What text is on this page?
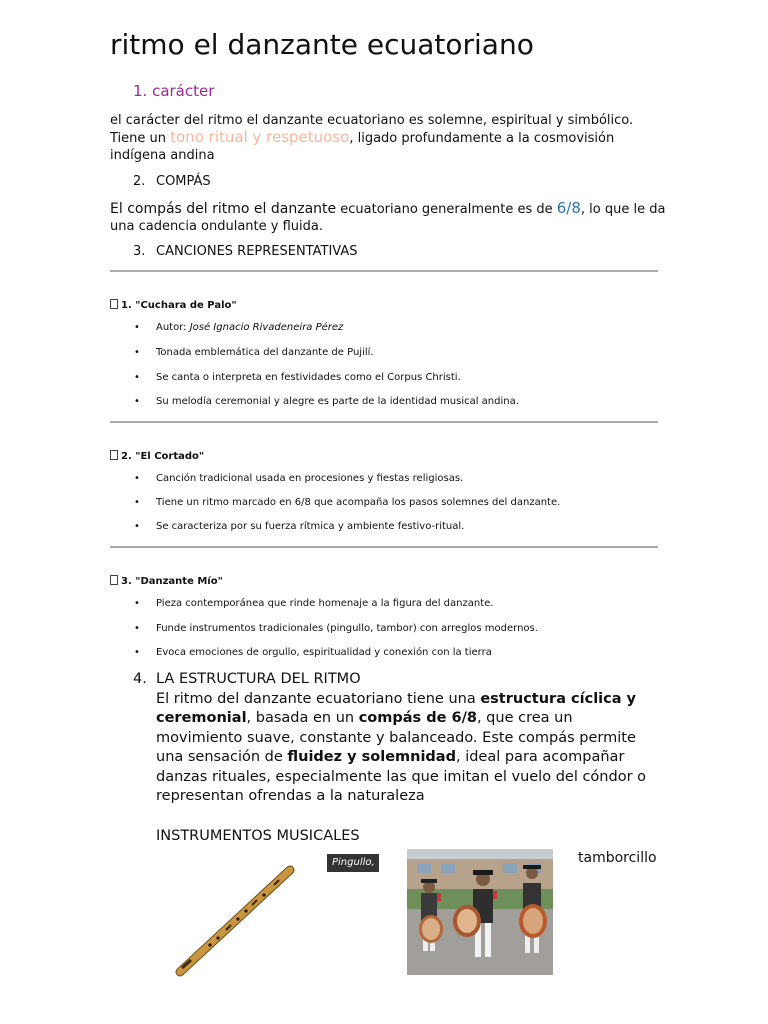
ritmo el danzante ecuatoriano
1. carácter
el carácter del ritmo el danzante ecuatoriano es solemne, espiritual y simbólico. Tiene un tono ritual y respetuoso, ligado profundamente a la cosmovisión indígena andina
2. COMPÁS
El compás del ritmo el danzante ecuatoriano generalmente es de 6/8, lo que le da una cadencia ondulante y fluida.
3. CANCIONES REPRESENTATIVAS
1. "Cuchara de Palo"
• Autor: José Ignacio Rivadeneira Pérez
• Tonada emblemática del danzante de Pujilí.
• Se canta o interpreta en festividades como el Corpus Christi.
• Su melodía ceremonial y alegre es parte de la identidad musical andina.
2. "El Cortado"
• Canción tradicional usada en procesiones y fiestas religiosas.
• Tiene un ritmo marcado en 6/8 que acompaña los pasos solemnes del danzante.
• Se caracteriza por su fuerza rítmica y ambiente festivo-ritual.
3. "Danzante Mío"
• Pieza contemporánea que rinde homenaje a la figura del danzante.
• Funde instrumentos tradicionales (pingullo, tambor) con arreglos modernos.
• Evoca emociones de orgullo, espiritualidad y conexión con la tierra
4. LA ESTRUCTURA DEL RITMO
El ritmo del danzante ecuatoriano tiene una estructura cíclica y ceremonial, basada en un compás de 6/8, que crea un movimiento suave, constante y balanceado. Este compás permite una sensación de fluidez y solemnidad, ideal para acompañar danzas rituales, especialmente las que imitan el vuelo del cóndor o representan ofrendas a la naturaleza
INSTRUMENTOS MUSICALES
Pingullo,	tamborcillo
